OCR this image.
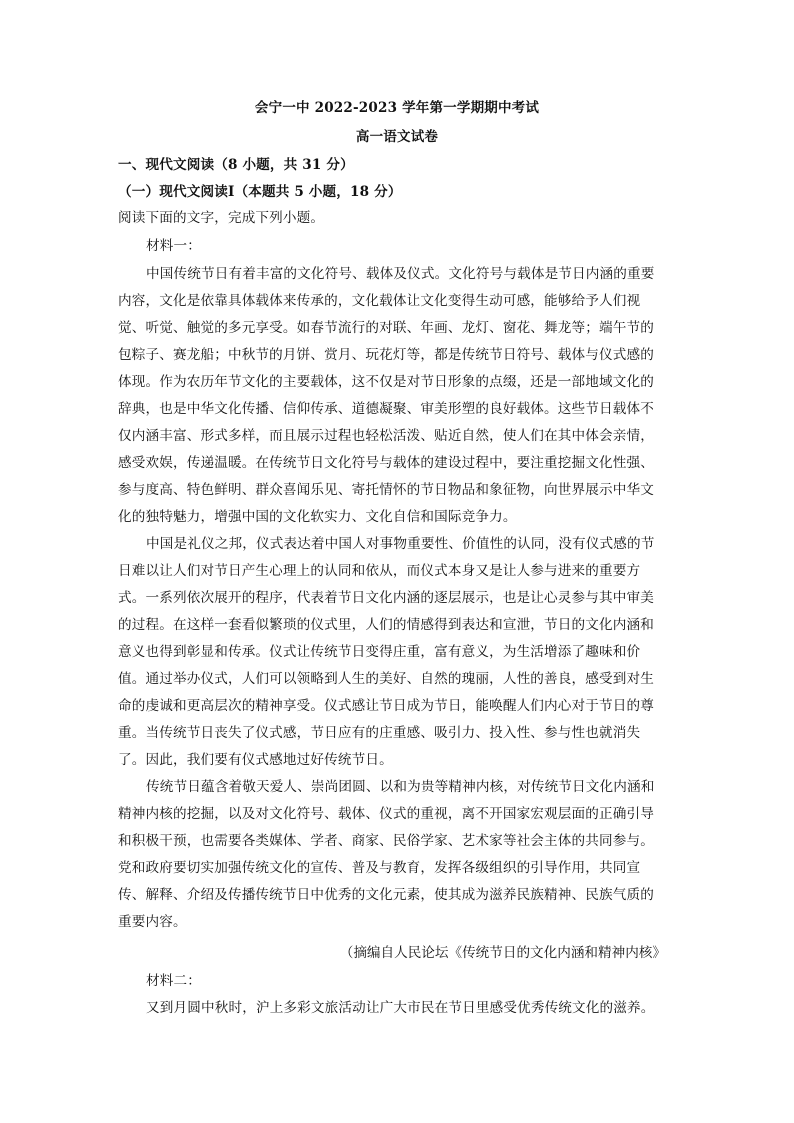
会宁一中 2022-2023 学年第一学期期中考试
高一语文试卷
一、现代文阅读（8 小题，共 31 分）
（一）现代文阅读Ⅰ（本题共 5 小题，18 分）
阅读下面的文字，完成下列小题。
材料一：
中国传统节日有着丰富的文化符号、载体及仪式。文化符号与载体是节日内涵的重要
内容，文化是依靠具体载体来传承的，文化载体让文化变得生动可感，能够给予人们视
觉、听觉、触觉的多元享受。如春节流行的对联、年画、龙灯、窗花、舞龙等；端午节的
包粽子、赛龙船；中秋节的月饼、赏月、玩花灯等，都是传统节日符号、载体与仪式感的
体现。作为农历年节文化的主要载体，这不仅是对节日形象的点缀，还是一部地域文化的
辞典，也是中华文化传播、信仰传承、道德凝聚、审美形塑的良好载体。这些节日载体不
仅内涵丰富、形式多样，而且展示过程也轻松活泼、贴近自然，使人们在其中体会亲情，
感受欢娱，传递温暖。在传统节日文化符号与载体的建设过程中，要注重挖掘文化性强、
参与度高、特色鲜明、群众喜闻乐见、寄托情怀的节日物品和象征物，向世界展示中华文
化的独特魅力，增强中国的文化软实力、文化自信和国际竞争力。
中国是礼仪之邦，仪式表达着中国人对事物重要性、价值性的认同，没有仪式感的节
日难以让人们对节日产生心理上的认同和依从，而仪式本身又是让人参与进来的重要方
式。一系列依次展开的程序，代表着节日文化内涵的逐层展示，也是让心灵参与其中审美
的过程。在这样一套看似繁琐的仪式里，人们的情感得到表达和宣泄，节日的文化内涵和
意义也得到彰显和传承。仪式让传统节日变得庄重，富有意义，为生活增添了趣味和价
值。通过举办仪式，人们可以领略到人生的美好、自然的瑰丽，人性的善良，感受到对生
命的虔诚和更高层次的精神享受。仪式感让节日成为节日，能唤醒人们内心对于节日的尊
重。当传统节日丧失了仪式感，节日应有的庄重感、吸引力、投入性、参与性也就消失
了。因此，我们要有仪式感地过好传统节日。
传统节日蕴含着敬天爱人、崇尚团圆、以和为贵等精神内核，对传统节日文化内涵和
精神内核的挖掘，以及对文化符号、载体、仪式的重视，离不开国家宏观层面的正确引导
和积极干预，也需要各类媒体、学者、商家、民俗学家、艺术家等社会主体的共同参与。
党和政府要切实加强传统文化的宣传、普及与教育，发挥各级组织的引导作用，共同宣
传、解释、介绍及传播传统节日中优秀的文化元素，使其成为滋养民族精神、民族气质的
重要内容。
（摘编自人民论坛《传统节日的文化内涵和精神内核》
材料二：
又到月圆中秋时，沪上多彩文旅活动让广大市民在节日里感受优秀传统文化的滋养。
